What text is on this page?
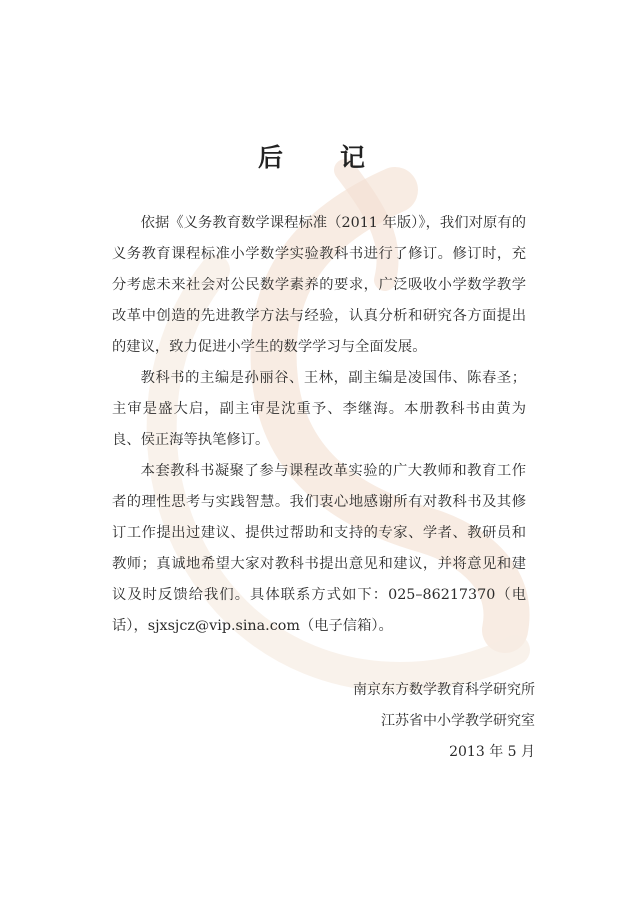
后　记

依据《义务教育数学课程标准（2011 年版）》，我们对原有的义务教育课程标准小学数学实验教科书进行了修订。修订时，充分考虑未来社会对公民数学素养的要求，广泛吸收小学数学教学改革中创造的先进教学方法与经验，认真分析和研究各方面提出的建议，致力促进小学生的数学学习与全面发展。

教科书的主编是孙丽谷、王林，副主编是凌国伟、陈春圣；主审是盛大启，副主审是沈重予、李继海。本册教科书由黄为良、侯正海等执笔修订。

本套教科书凝聚了参与课程改革实验的广大教师和教育工作者的理性思考与实践智慧。我们衷心地感谢所有对教科书及其修订工作提出过建议、提供过帮助和支持的专家、学者、教研员和教师；真诚地希望大家对教科书提出意见和建议，并将意见和建议及时反馈给我们。具体联系方式如下：025–86217370（电话），sjxsjcz@vip.sina.com（电子信箱）。

南京东方数学教育科学研究所
江苏省中小学教学研究室
2013 年 5 月
